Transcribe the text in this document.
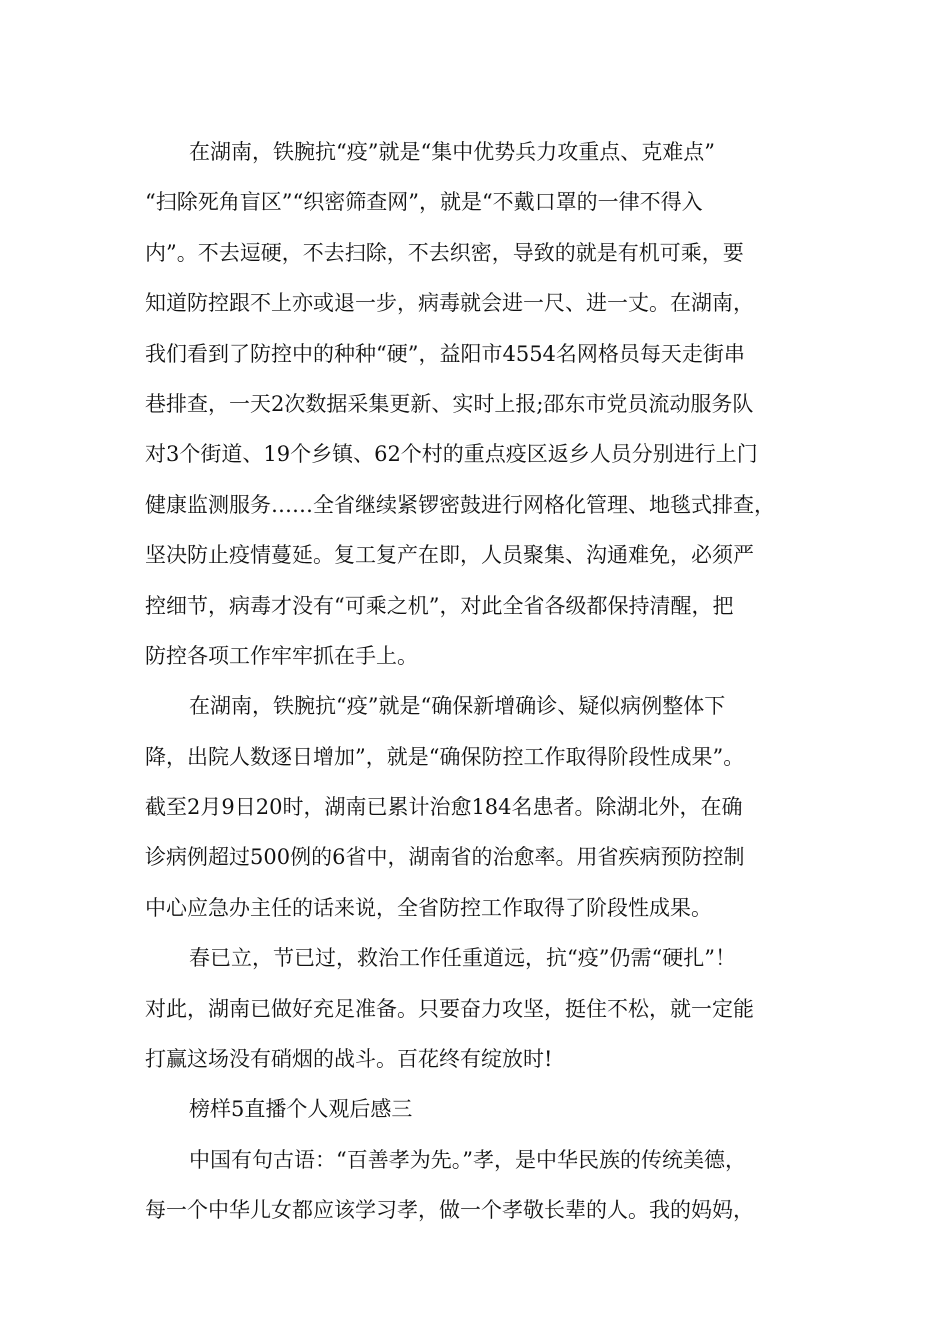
在湖南，铁腕抗“疫”就是“集中优势兵力攻重点、克难点”
“扫除死角盲区”“织密筛查网”，就是“不戴口罩的一律不得入
内”。不去逗硬，不去扫除，不去织密，导致的就是有机可乘，要
知道防控跟不上亦或退一步，病毒就会进一尺、进一丈。在湖南，
我们看到了防控中的种种“硬”，益阳市4554名网格员每天走街串
巷排查，一天2次数据采集更新、实时上报;邵东市党员流动服务队
对3个街道、19个乡镇、62个村的重点疫区返乡人员分别进行上门
健康监测服务……全省继续紧锣密鼓进行网格化管理、地毯式排查，
坚决防止疫情蔓延。复工复产在即，人员聚集、沟通难免，必须严
控细节，病毒才没有“可乘之机”，对此全省各级都保持清醒，把
防控各项工作牢牢抓在手上。
在湖南，铁腕抗“疫”就是“确保新增确诊、疑似病例整体下
降，出院人数逐日增加”，就是“确保防控工作取得阶段性成果”。
截至2月9日20时，湖南已累计治愈184名患者。除湖北外，在确
诊病例超过500例的6省中，湖南省的治愈率。用省疾病预防控制
中心应急办主任的话来说，全省防控工作取得了阶段性成果。
春已立，节已过，救治工作任重道远，抗“疫”仍需“硬扎”！
对此，湖南已做好充足准备。只要奋力攻坚，挺住不松，就一定能
打赢这场没有硝烟的战斗。百花终有绽放时!
榜样5直播个人观后感三
中国有句古语：“百善孝为先。”孝，是中华民族的传统美德，
每一个中华儿女都应该学习孝，做一个孝敬长辈的人。我的妈妈，
